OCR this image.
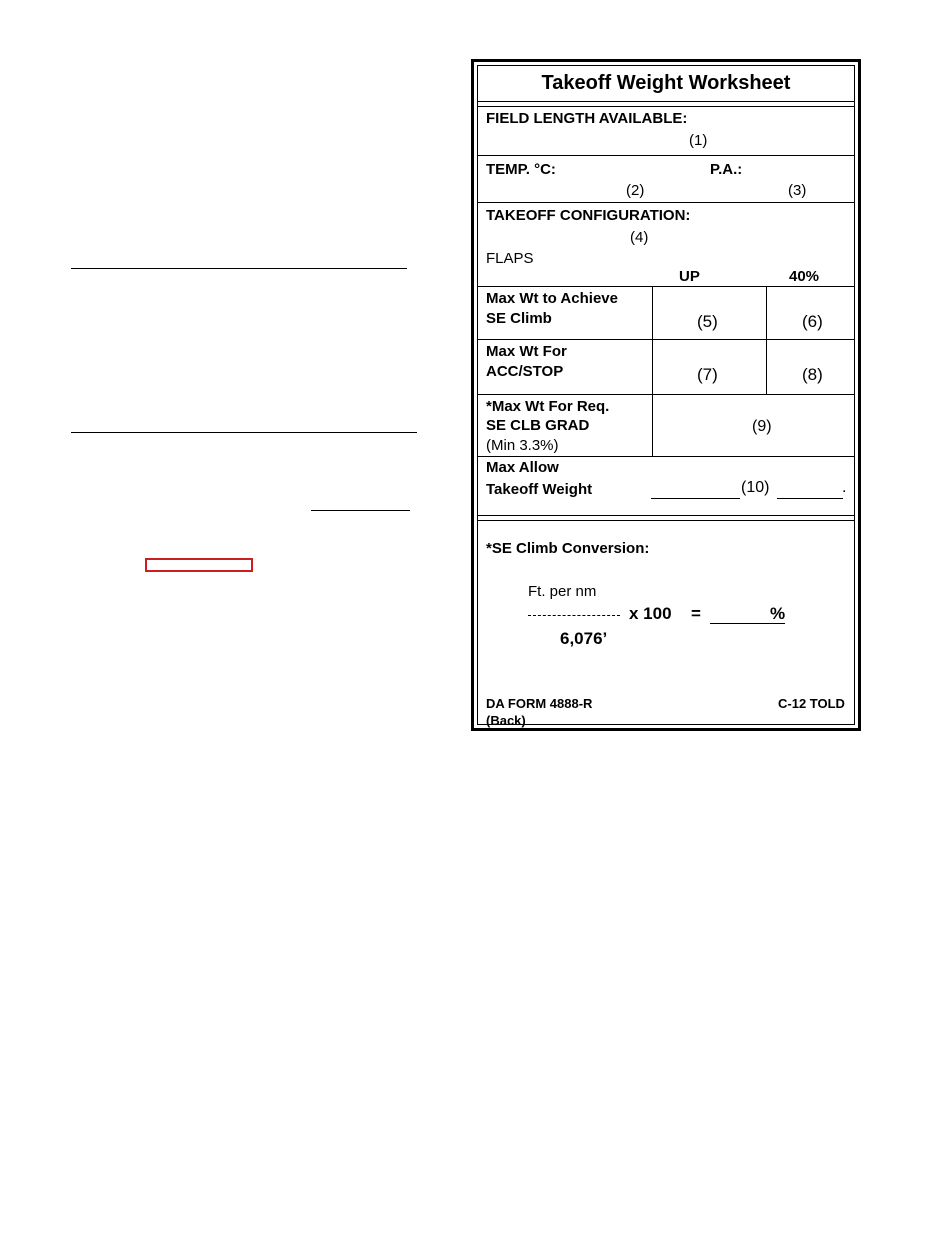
Takeoff Weight Worksheet
FIELD LENGTH AVAILABLE:
(1)
TEMP. °C:	P.A.:
(2)	(3)
TAKEOFF CONFIGURATION:
(4)
FLAPS
UP	40%
Max Wt to Achieve
SE Climb	(5)	(6)
Max Wt For
ACC/STOP	(7)	(8)
*Max Wt For Req.
SE CLB GRAD
(Min 3.3%)
(9)
Max Allow
Takeoff Weight	(10)	.
*SE Climb Conversion:
Ft. per nm
x 100 =	%
6,076’
DA FORM 4888-R
(Back)
C-12 TOLD
